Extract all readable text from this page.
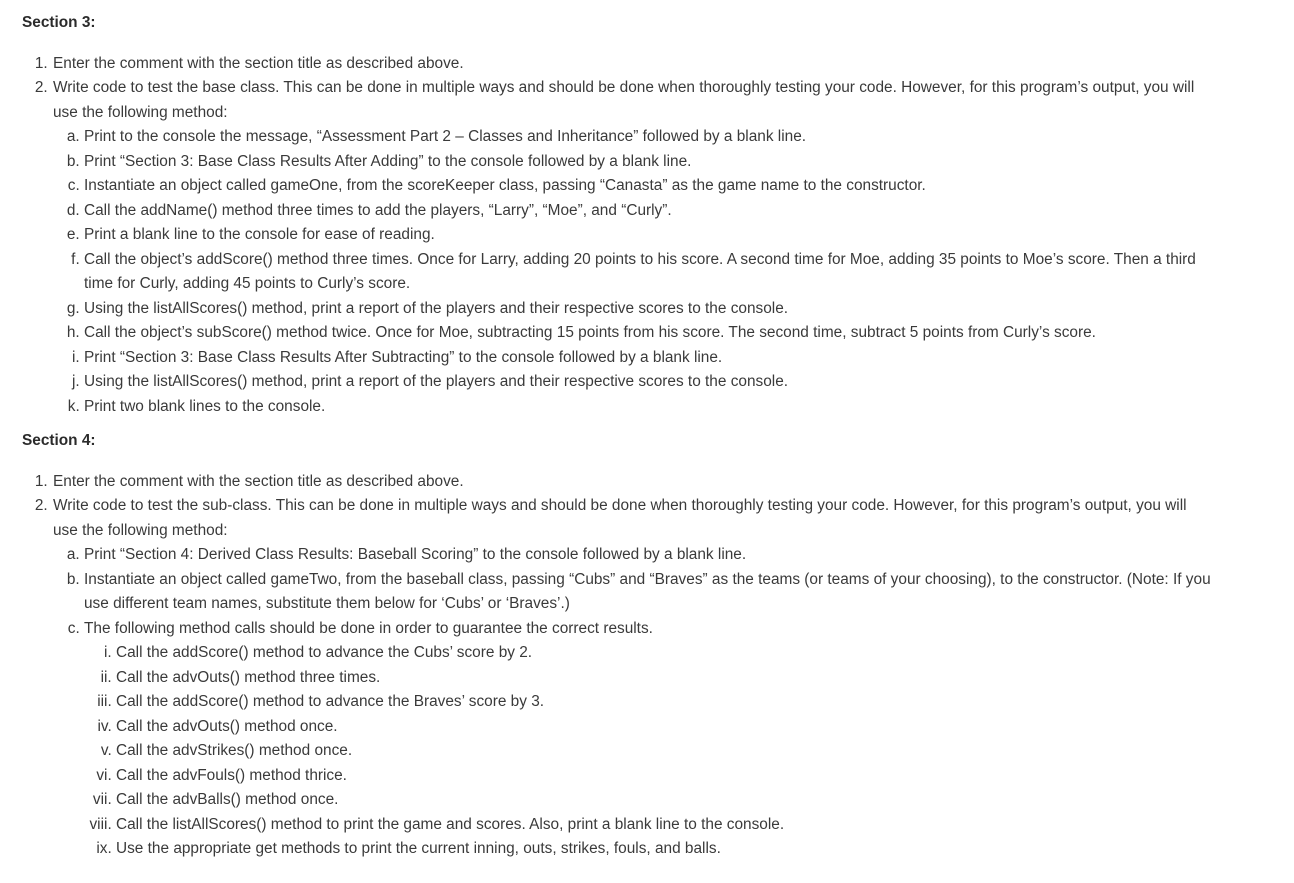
Section 3:
1. Enter the comment with the section title as described above.
2. Write code to test the base class. This can be done in multiple ways and should be done when thoroughly testing your code. However, for this program’s output, you will use the following method:
a. Print to the console the message, “Assessment Part 2 – Classes and Inheritance” followed by a blank line.
b. Print “Section 3: Base Class Results After Adding” to the console followed by a blank line.
c. Instantiate an object called gameOne, from the scoreKeeper class, passing “Canasta” as the game name to the constructor.
d. Call the addName() method three times to add the players, “Larry”, “Moe”, and “Curly”.
e. Print a blank line to the console for ease of reading.
f. Call the object’s addScore() method three times. Once for Larry, adding 20 points to his score. A second time for Moe, adding 35 points to Moe’s score. Then a third time for Curly, adding 45 points to Curly’s score.
g. Using the listAllScores() method, print a report of the players and their respective scores to the console.
h. Call the object’s subScore() method twice. Once for Moe, subtracting 15 points from his score. The second time, subtract 5 points from Curly’s score.
i. Print “Section 3: Base Class Results After Subtracting” to the console followed by a blank line.
j. Using the listAllScores() method, print a report of the players and their respective scores to the console.
k. Print two blank lines to the console.
Section 4:
1. Enter the comment with the section title as described above.
2. Write code to test the sub-class. This can be done in multiple ways and should be done when thoroughly testing your code. However, for this program’s output, you will use the following method:
a. Print “Section 4: Derived Class Results: Baseball Scoring” to the console followed by a blank line.
b. Instantiate an object called gameTwo, from the baseball class, passing “Cubs” and “Braves” as the teams (or teams of your choosing), to the constructor. (Note: If you use different team names, substitute them below for ‘Cubs’ or ‘Braves’.)
c. The following method calls should be done in order to guarantee the correct results.
i. Call the addScore() method to advance the Cubs’ score by 2.
ii. Call the advOuts() method three times.
iii. Call the addScore() method to advance the Braves’ score by 3.
iv. Call the advOuts() method once.
v. Call the advStrikes() method once.
vi. Call the advFouls() method thrice.
vii. Call the advBalls() method once.
viii. Call the listAllScores() method to print the game and scores. Also, print a blank line to the console.
ix. Use the appropriate get methods to print the current inning, outs, strikes, fouls, and balls.
